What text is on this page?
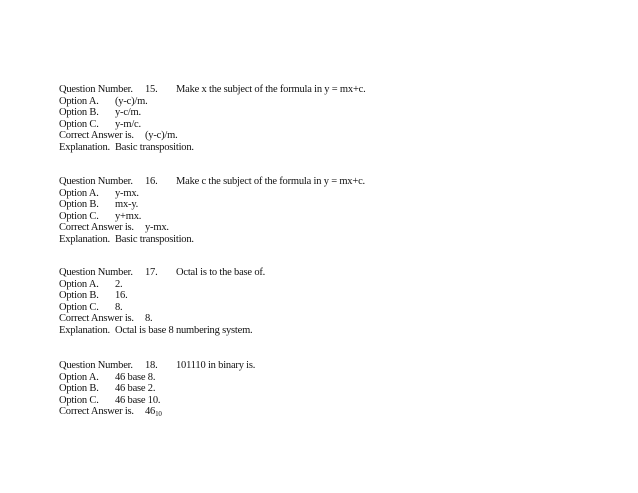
Question Number. 15. Make x the subject of the formula in y = mx+c.
Option A. (y-c)/m.
Option B. y-c/m.
Option C. y-m/c.
Correct Answer is. (y-c)/m.
Explanation. Basic transposition.
Question Number. 16. Make c the subject of the formula in y = mx+c.
Option A. y-mx.
Option B. mx-y.
Option C. y+mx.
Correct Answer is. y-mx.
Explanation. Basic transposition.
Question Number. 17. Octal is to the base of.
Option A. 2.
Option B. 16.
Option C. 8.
Correct Answer is. 8.
Explanation. Octal is base 8 numbering system.
Question Number. 18. 101110 in binary is.
Option A. 46 base 8.
Option B. 46 base 2.
Option C. 46 base 10.
Correct Answer is. $46_{10}$
